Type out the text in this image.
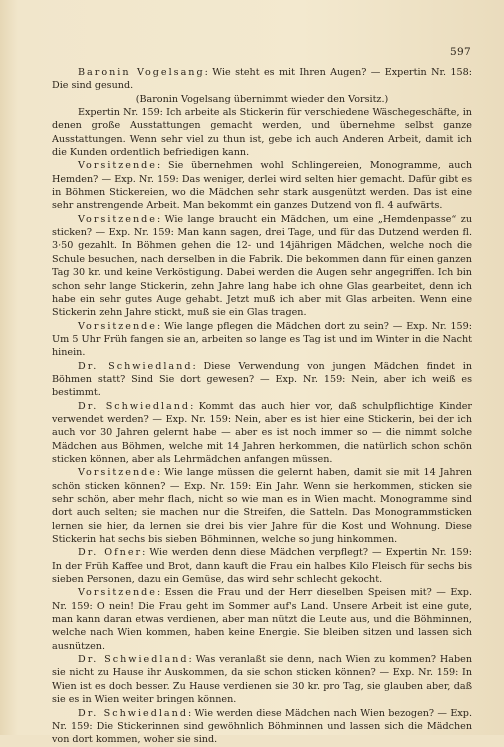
597

Baronin Vogelsang: Wie steht es mit Ihren Augen? — Expertin Nr. 158: Die sind gesund.

(Baronin Vogelsang übernimmt wieder den Vorsitz.)

Expertin Nr. 159: Ich arbeite als Stickerin für verschiedene Wäschegeschäfte, in denen große Ausstattungen gemacht werden, und übernehme selbst ganze Ausstattungen. Wenn sehr viel zu thun ist, gebe ich auch Anderen Arbeit, damit ich die Kunden ordentlich befriedigen kann.

Vorsitzende: Sie übernehmen wohl Schlingereien, Monogramme, auch Hemden? — Exp. Nr. 159: Das weniger, derlei wird selten hier gemacht. Dafür gibt es in Böhmen Stickereien, wo die Mädchen sehr stark ausgenützt werden. Das ist eine sehr anstrengende Arbeit. Man bekommt ein ganzes Dutzend von fl. 4 aufwärts.

Vorsitzende: Wie lange braucht ein Mädchen, um eine „Hemdenpasse“ zu sticken? — Exp. Nr. 159: Man kann sagen, drei Tage, und für das Dutzend werden fl. 3·50 gezahlt. In Böhmen gehen die 12- und 14jährigen Mädchen, welche noch die Schule besuchen, nach derselben in die Fabrik. Die bekommen dann für einen ganzen Tag 30 kr. und keine Verköstigung. Dabei werden die Augen sehr angegriffen. Ich bin schon sehr lange Stickerin, zehn Jahre lang habe ich ohne Glas gearbeitet, denn ich habe ein sehr gutes Auge gehabt. Jetzt muß ich aber mit Glas arbeiten. Wenn eine Stickerin zehn Jahre stickt, muß sie ein Glas tragen.

Vorsitzende: Wie lange pflegen die Mädchen dort zu sein? — Exp. Nr. 159: Um 5 Uhr Früh fangen sie an, arbeiten so lange es Tag ist und im Winter in die Nacht hinein.

Dr. Schwiedland: Diese Verwendung von jungen Mädchen findet in Böhmen statt? Sind Sie dort gewesen? — Exp. Nr. 159: Nein, aber ich weiß es bestimmt.

Dr. Schwiedland: Kommt das auch hier vor, daß schulpflichtige Kinder verwendet werden? — Exp. Nr. 159: Nein, aber es ist hier eine Stickerin, bei der ich auch vor 30 Jahren gelernt habe — aber es ist noch immer so — die nimmt solche Mädchen aus Böhmen, welche mit 14 Jahren herkommen, die natürlich schon schön sticken können, aber als Lehrmädchen anfangen müssen.

Vorsitzende: Wie lange müssen die gelernt haben, damit sie mit 14 Jahren schön sticken können? — Exp. Nr. 159: Ein Jahr. Wenn sie herkommen, sticken sie sehr schön, aber mehr flach, nicht so wie man es in Wien macht. Monogramme sind dort auch selten; sie machen nur die Streifen, die Satteln. Das Monogrammsticken lernen sie hier, da lernen sie drei bis vier Jahre für die Kost und Wohnung. Diese Stickerin hat sechs bis sieben Böhminnen, welche so jung hinkommen.

Dr. Ofner: Wie werden denn diese Mädchen verpflegt? — Expertin Nr. 159: In der Früh Kaffee und Brot, dann kauft die Frau ein halbes Kilo Fleisch für sechs bis sieben Personen, dazu ein Gemüse, das wird sehr schlecht gekocht.

Vorsitzende: Essen die Frau und der Herr dieselben Speisen mit? — Exp. Nr. 159: O nein! Die Frau geht im Sommer auf's Land. Unsere Arbeit ist eine gute, man kann daran etwas verdienen, aber man nützt die Leute aus, und die Böhminnen, welche nach Wien kommen, haben keine Energie. Sie bleiben sitzen und lassen sich ausnützen.

Dr. Schwiedland: Was veranlaßt sie denn, nach Wien zu kommen? Haben sie nicht zu Hause ihr Auskommen, da sie schon sticken können? — Exp. Nr. 159: In Wien ist es doch besser. Zu Hause verdienen sie 30 kr. pro Tag, sie glauben aber, daß sie es in Wien weiter bringen können.

Dr. Schwiedland: Wie werden diese Mädchen nach Wien bezogen? — Exp. Nr. 159: Die Stickerinnen sind gewöhnlich Böhminnen und lassen sich die Mädchen von dort kommen, woher sie sind.
